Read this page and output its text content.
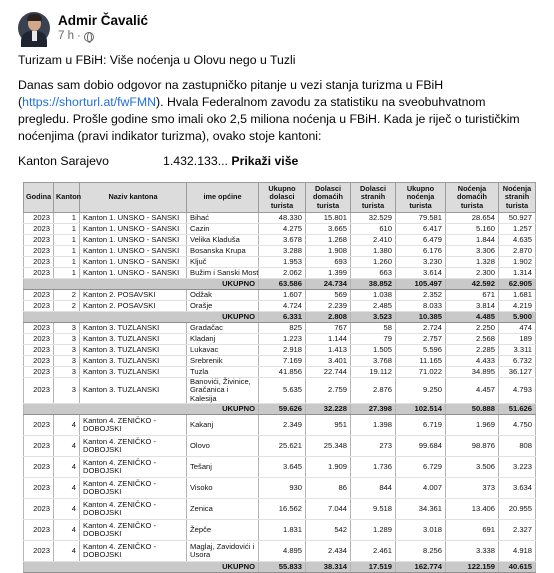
Admir Čavalić
7 h ·

Turizam u FBiH: Više noćenja u Olovu nego u Tuzli

Danas sam dobio odgovor na zastupničko pitanje u vezi stanja turizma u FBiH (https://shorturl.at/fwFMN). Hvala Federalnom zavodu za statistiku na sveobuhvatnom pregledu. Prošle godine smo imali oko 2,5 miliona noćenja u FBiH. Kada je riječ o turističkim noćenjima (pravi indikator turizma), ovako stoje kantoni:

Kanton Sarajevo	1.432.133...
Prikaži više
Godina	Kanton	Naziv kantona	ime općine	Ukupno dolasci turista	Dolasci domaćih turista	Dolasci stranih turista	Ukupno noćenja turista	Noćenja domaćih turista	Noćenja stranih turista
2023	1	Kanton 1. UNSKO - SANSKI	Bihać	48.330	15.801	32.529	79.581	28.654	50.927
2023	1	Kanton 1. UNSKO - SANSKI	Cazin	4.275	3.665	610	6.417	5.160	1.257
2023	1	Kanton 1. UNSKO - SANSKI	Velika Kladuša	3.678	1.268	2.410	6.479	1.844	4.635
2023	1	Kanton 1. UNSKO - SANSKI	Bosanska Krupa	3.288	1.908	1.380	6.176	3.306	2.870
2023	1	Kanton 1. UNSKO - SANSKI	Ključ	1.953	693	1.260	3.230	1.328	1.902
2023	1	Kanton 1. UNSKO - SANSKI	Bužim i Sanski Most	2.062	1.399	663	3.614	2.300	1.314
UKUPNO				63.586	24.734	38.852	105.497	42.592	62.905
2023	2	Kanton 2. POSAVSKI	Odžak	1.607	569	1.038	2.352	671	1.681
2023	2	Kanton 2. POSAVSKI	Orašje	4.724	2.239	2.485	8.033	3.814	4.219
UKUPNO				6.331	2.808	3.523	10.385	4.485	5.900
2023	3	Kanton 3. TUZLANSKI	Gradačac	825	767	58	2.724	2.250	474
2023	3	Kanton 3. TUZLANSKI	Kladanj	1.223	1.144	79	2.757	2.568	189
2023	3	Kanton 3. TUZLANSKI	Lukavac	2.918	1.413	1.505	5.596	2.285	3.311
2023	3	Kanton 3. TUZLANSKI	Srebrenik	7.169	3.401	3.768	11.165	4.433	6.732
2023	3	Kanton 3. TUZLANSKI	Tuzla	41.856	22.744	19.112	71.022	34.895	36.127
2023	3	Kanton 3. TUZLANSKI	Banovići, Živinice, Gračanica i Kalesija	5.635	2.759	2.876	9.250	4.457	4.793
UKUPNO				59.626	32.228	27.398	102.514	50.888	51.626
2023	4	Kanton 4. ZENIČKO - DOBOJSKI	Kakanj	2.349	951	1.398	6.719	1.969	4.750
2023	4	Kanton 4. ZENIČKO - DOBOJSKI	Olovo	25.621	25.348	273	99.684	98.876	808
2023	4	Kanton 4. ZENIČKO - DOBOJSKI	Tešanj	3.645	1.909	1.736	6.729	3.506	3.223
2023	4	Kanton 4. ZENIČKO - DOBOJSKI	Visoko	930	86	844	4.007	373	3.634
2023	4	Kanton 4. ZENIČKO - DOBOJSKI	Zenica	16.562	7.044	9.518	34.361	13.406	20.955
2023	4	Kanton 4. ZENIČKO - DOBOJSKI	Žepče	1.831	542	1.289	3.018	691	2.327
2023	4	Kanton 4. ZENIČKO - DOBOJSKI	Maglaj, Zavidovići i Usora	4.895	2.434	2.461	8.256	3.338	4.918
UKUPNO				55.833	38.314	17.519	162.774	122.159	40.615
